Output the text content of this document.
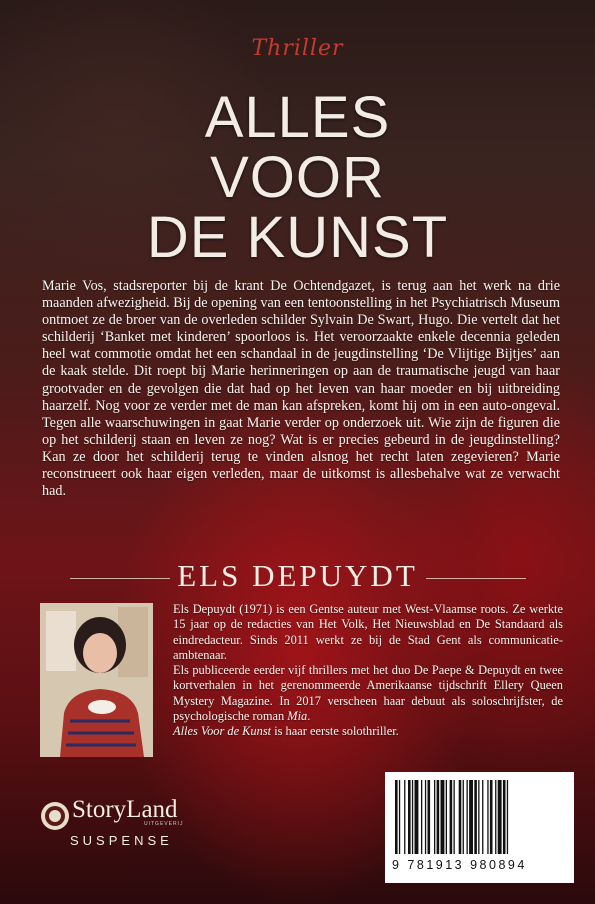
Thriller
ALLES
VOOR
DE KUNST
Marie Vos, stadsreporter bij de krant De Ochtendgazet, is terug aan het werk na drie maanden afwezigheid. Bij de opening van een tentoonstelling in het Psychiatrisch Museum ontmoet ze de broer van de overleden schilder Sylvain De Swart, Hugo. Die vertelt dat het schilderij ‘Banket met kinderen’ spoorloos is. Het veroorzaakte enkele decennia geleden heel wat commotie omdat het een schandaal in de jeugdinstelling ‘De Vlijtige Bijtjes’ aan de kaak stelde. Dit roept bij Marie herinneringen op aan de traumatische jeugd van haar grootvader en de gevolgen die dat had op het leven van haar moeder en bij uitbreiding haarzelf. Nog voor ze verder met de man kan afspreken, komt hij om in een auto-ongeval. Tegen alle waarschuwingen in gaat Marie verder op onderzoek uit. Wie zijn de figuren die op het schilderij staan en leven ze nog? Wat is er precies gebeurd in de jeugdinstelling? Kan ze door het schilderij terug te vinden alsnog het recht laten zegevieren? Marie reconstrueert ook haar eigen verleden, maar de uitkomst is allesbehalve wat ze verwacht had.
ELS DEPUYDT

Els Depuydt (1971) is een Gentse auteur met West-Vlaamse roots. Ze werkte 15 jaar op de redacties van Het Volk, Het Nieuwsblad en De Standaard als eindredacteur. Sinds 2011 werkt ze bij de Stad Gent als communicatie-ambtenaar.

Els publiceerde eerder vijf thrillers met het duo De Paepe & Depuydt en twee kortverhalen in het gerenommeerde Amerikaanse tijdschrift Ellery Queen Mystery Magazine. In 2017 verscheen haar debuut als soloschrijfster, de psychologische roman Mia.

Alles Voor de Kunst is haar eerste solothriller.

StoryLand
UITGEVERIJ
SUSPENSE
9 781913 980894
